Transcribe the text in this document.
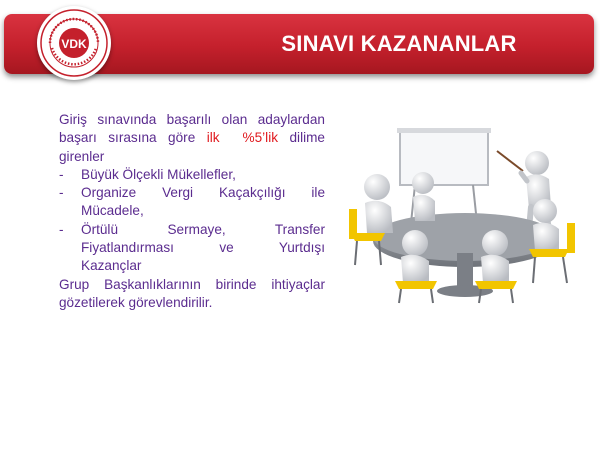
SINAVI KAZANANLAR
VDK
Giriş sınavında başarılı olan adaylardan başarı sırasına göre ilk  %5’lik dilime girenler
- Büyük Ölçekli Mükellefler,
- Organize Vergi Kaçakçılığı ile
Mücadele,
- Örtülü Sermaye, Transfer
Fiyatlandırması ve Yurtdışı
Kazançlar
Grup Başkanlıklarının birinde ihtiyaçlar gözetilerek görevlendirilir.
